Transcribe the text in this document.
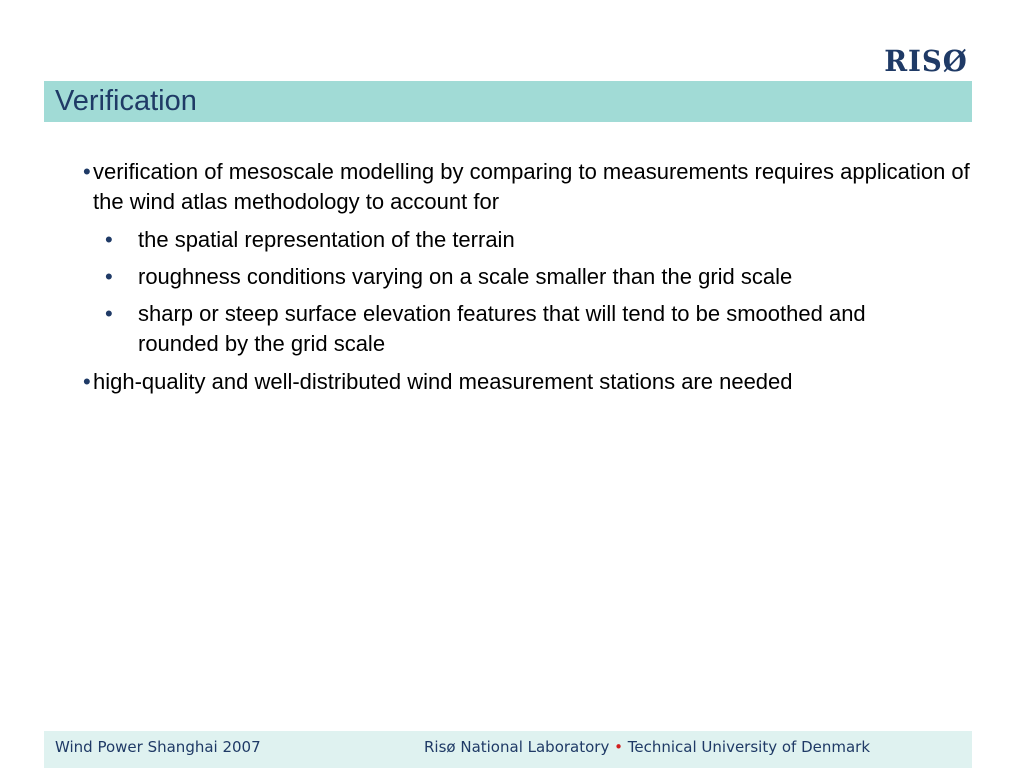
RISØ
Verification
• verification of mesoscale modelling by comparing to measurements requires application of the wind atlas methodology to account for
• the spatial representation of the terrain
• roughness conditions varying on a scale smaller than the grid scale
• sharp or steep surface elevation features that will tend to be smoothed and rounded by the grid scale
• high-quality and well-distributed wind measurement stations are needed
Wind Power Shanghai 2007	Risø National Laboratory • Technical University of Denmark
